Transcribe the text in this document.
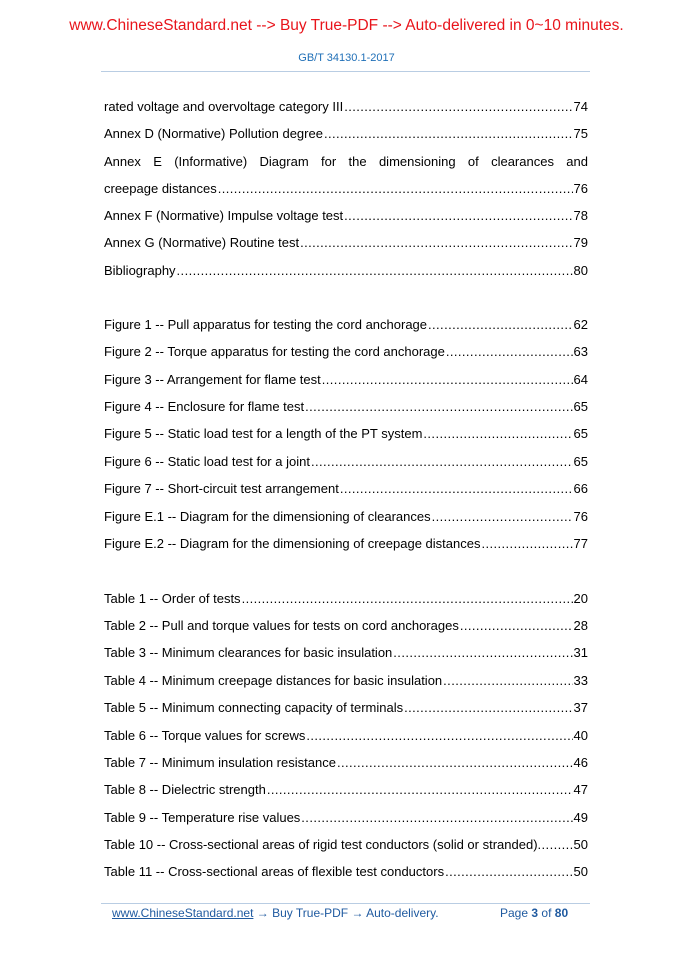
www.ChineseStandard.net --> Buy True-PDF --> Auto-delivered in 0~10 minutes.
GB/T 34130.1-2017
rated voltage and overvoltage category III .....	74
Annex D (Normative) Pollution degree .....	75
Annex E (Informative) Diagram for the dimensioning of clearances and
creepage distances .....	76
Annex F (Normative) Impulse voltage test .....	78
Annex G (Normative) Routine test .....	79
Bibliography .....	80
Figure 1 -- Pull apparatus for testing the cord anchorage .....	62
Figure 2 -- Torque apparatus for testing the cord anchorage .....	63
Figure 3 -- Arrangement for flame test .....	64
Figure 4 -- Enclosure for flame test .....	65
Figure 5 -- Static load test for a length of the PT system .....	65
Figure 6 -- Static load test for a joint .....	65
Figure 7 -- Short-circuit test arrangement .....	66
Figure E.1 -- Diagram for the dimensioning of clearances .....	76
Figure E.2 -- Diagram for the dimensioning of creepage distances .....	77
Table 1 -- Order of tests .....	20
Table 2 -- Pull and torque values for tests on cord anchorages .....	28
Table 3 -- Minimum clearances for basic insulation .....	31
Table 4 -- Minimum creepage distances for basic insulation .....	33
Table 5 -- Minimum connecting capacity of terminals .....	37
Table 6 -- Torque values for screws .....	40
Table 7 -- Minimum insulation resistance .....	46
Table 8 -- Dielectric strength .....	47
Table 9 -- Temperature rise values .....	49
Table 10 -- Cross-sectional areas of rigid test conductors (solid or stranded) .....	50
Table 11 -- Cross-sectional areas of flexible test conductors .....	50
www.ChineseStandard.net → Buy True-PDF → Auto-delivery.	Page 3 of 80
